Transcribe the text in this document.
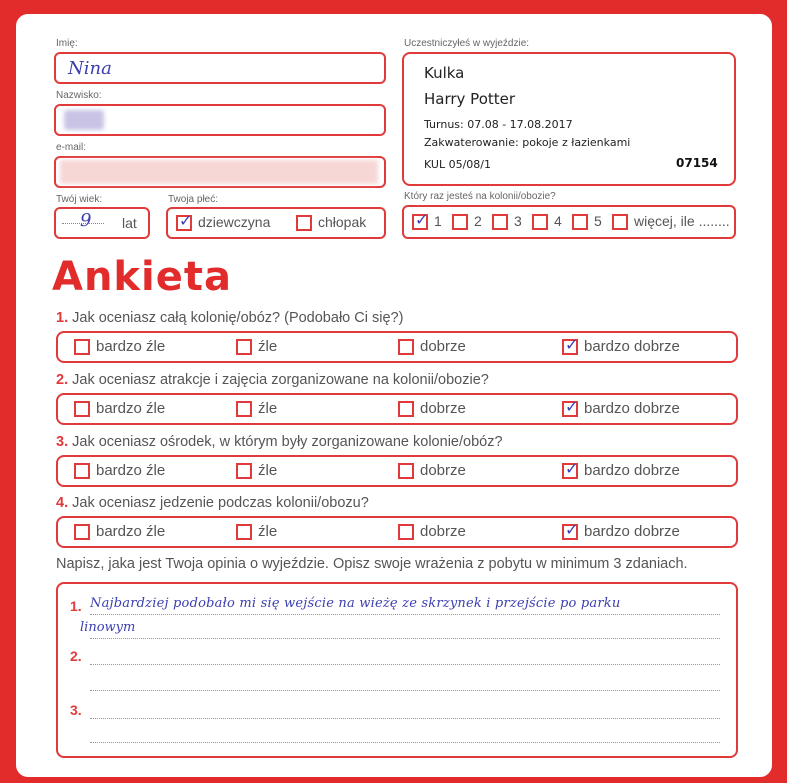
Imię:
Nina
Nazwisko:
e-mail:
Twój wiek:
9 lat
Twoja płeć:
✓ dziewczyna	chłopak
Uczestniczyłeś w wyjeździe:
Kulka
Harry Potter
Turnus: 07.08 - 17.08.2017
Zakwaterowanie: pokoje z łazienkami
KUL 05/08/1	07154
Który raz jesteś na kolonii/obozie?
✓ 1	2	3	4	5	więcej, ile ........
Ankieta
1. Jak oceniasz całą kolonię/obóz? (Podobało Ci się?)
bardzo źle	źle	dobrze	✓ bardzo dobrze
2. Jak oceniasz atrakcje i zajęcia zorganizowane na kolonii/obozie?
bardzo źle	źle	dobrze	✓ bardzo dobrze
3. Jak oceniasz ośrodek, w którym były zorganizowane kolonie/obóz?
bardzo źle	źle	dobrze	✓ bardzo dobrze
4. Jak oceniasz jedzenie podczas kolonii/obozu?
bardzo źle	źle	dobrze	✓ bardzo dobrze
Napisz, jaka jest Twoja opinia o wyjeździe. Opisz swoje wrażenia z pobytu w minimum 3 zdaniach.
1.
2.
3.
Najbardziej podobało mi się wejście na wieżę ze skrzynek i przejście po parku
linowym
